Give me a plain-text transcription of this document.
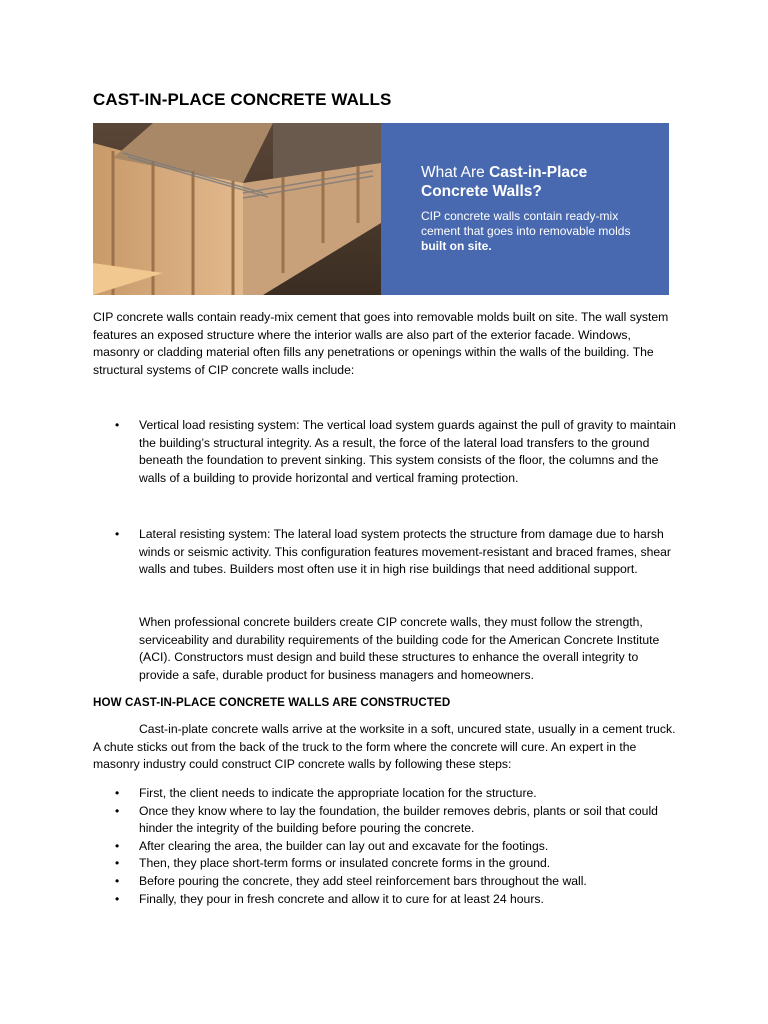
CAST-IN-PLACE CONCRETE WALLS

What Are Cast-in-Place Concrete Walls?

CIP concrete walls contain ready-mix cement that goes into removable molds built on site.

CIP concrete walls contain ready-mix cement that goes into removable molds built on site. The wall system features an exposed structure where the interior walls are also part of the exterior facade. Windows, masonry or cladding material often fills any penetrations or openings within the walls of the building. The structural systems of CIP concrete walls include:

• Vertical load resisting system: The vertical load system guards against the pull of gravity to maintain the building’s structural integrity. As a result, the force of the lateral load transfers to the ground beneath the foundation to prevent sinking. This system consists of the floor, the columns and the walls of a building to provide horizontal and vertical framing protection.
• Lateral resisting system: The lateral load system protects the structure from damage due to harsh winds or seismic activity. This configuration features movement-resistant and braced frames, shear walls and tubes. Builders most often use it in high rise buildings that need additional support.

When professional concrete builders create CIP concrete walls, they must follow the strength, serviceability and durability requirements of the building code for the American Concrete Institute (ACI). Constructors must design and build these structures to enhance the overall integrity to provide a safe, durable product for business managers and homeowners.

HOW CAST-IN-PLACE CONCRETE WALLS ARE CONSTRUCTED

Cast-in-plate concrete walls arrive at the worksite in a soft, uncured state, usually in a cement truck. A chute sticks out from the back of the truck to the form where the concrete will cure. An expert in the masonry industry could construct CIP concrete walls by following these steps:

• First, the client needs to indicate the appropriate location for the structure.
• Once they know where to lay the foundation, the builder removes debris, plants or soil that could hinder the integrity of the building before pouring the concrete.
• After clearing the area, the builder can lay out and excavate for the footings.
• Then, they place short-term forms or insulated concrete forms in the ground.
• Before pouring the concrete, they add steel reinforcement bars throughout the wall.
• Finally, they pour in fresh concrete and allow it to cure for at least 24 hours.
